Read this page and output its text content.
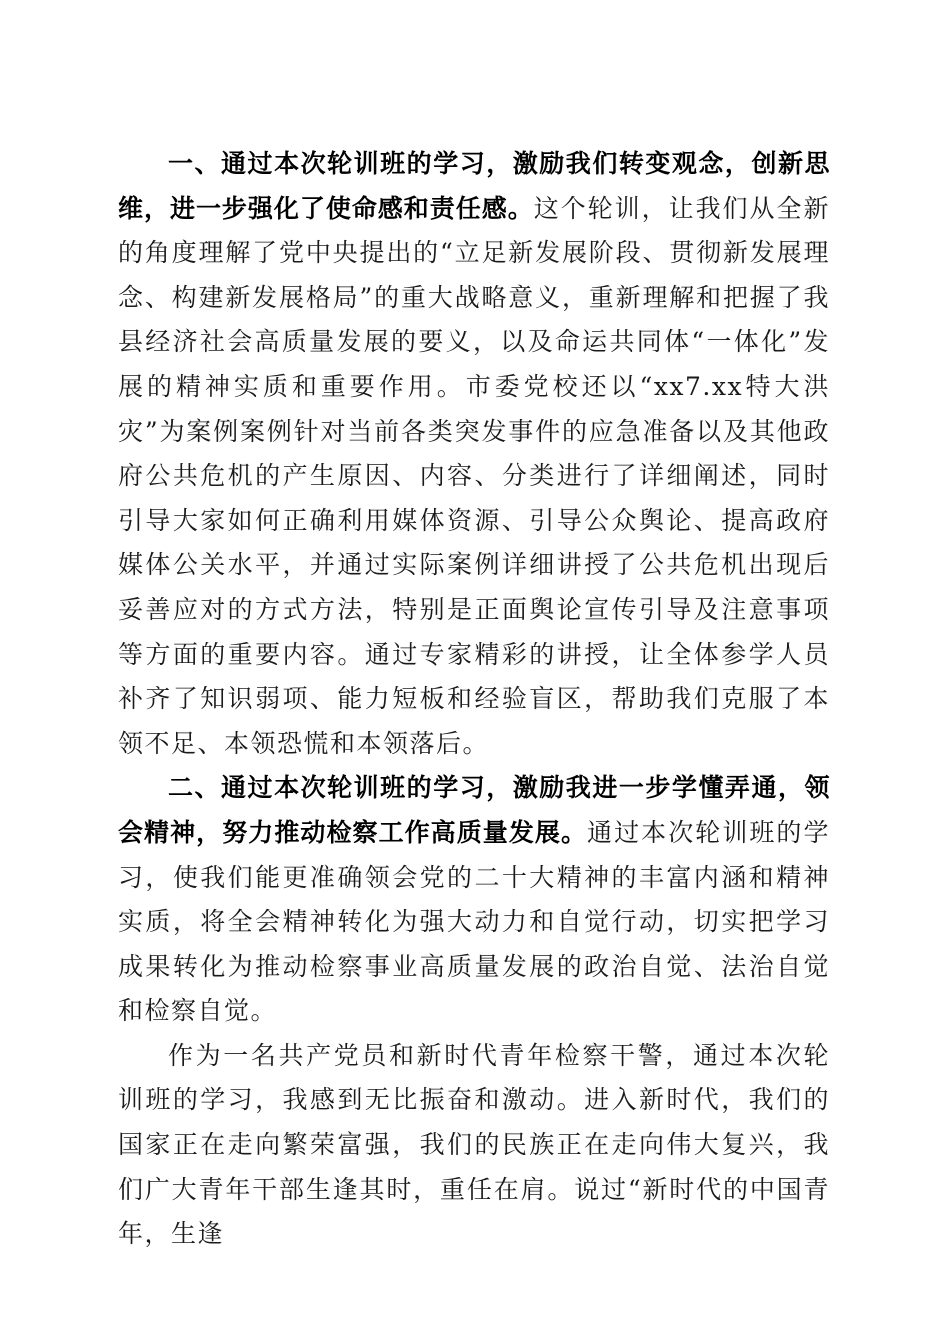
一、通过本次轮训班的学习，激励我们转变观念，创新思维，进一步强化了使命感和责任感。这个轮训，让我们从全新的角度理解了党中央提出的“立足新发展阶段、贯彻新发展理念、构建新发展格局”的重大战略意义，重新理解和把握了我县经济社会高质量发展的要义，以及命运共同体“一体化”发展的精神实质和重要作用。市委党校还以“xx7.xx特大洪灾”为案例案例针对当前各类突发事件的应急准备以及其他政府公共危机的产生原因、内容、分类进行了详细阐述，同时引导大家如何正确利用媒体资源、引导公众舆论、提高政府媒体公关水平，并通过实际案例详细讲授了公共危机出现后妥善应对的方式方法，特别是正面舆论宣传引导及注意事项等方面的重要内容。通过专家精彩的讲授，让全体参学人员补齐了知识弱项、能力短板和经验盲区，帮助我们克服了本领不足、本领恐慌和本领落后。

二、通过本次轮训班的学习，激励我进一步学懂弄通，领会精神，努力推动检察工作高质量发展。通过本次轮训班的学习，使我们能更准确领会党的二十大精神的丰富内涵和精神实质，将全会精神转化为强大动力和自觉行动，切实把学习成果转化为推动检察事业高质量发展的政治自觉、法治自觉和检察自觉。

作为一名共产党员和新时代青年检察干警，通过本次轮训班的学习，我感到无比振奋和激动。进入新时代，我们的国家正在走向繁荣富强，我们的民族正在走向伟大复兴，我们广大青年干部生逢其时，重任在肩。说过“新时代的中国青年，生逢
